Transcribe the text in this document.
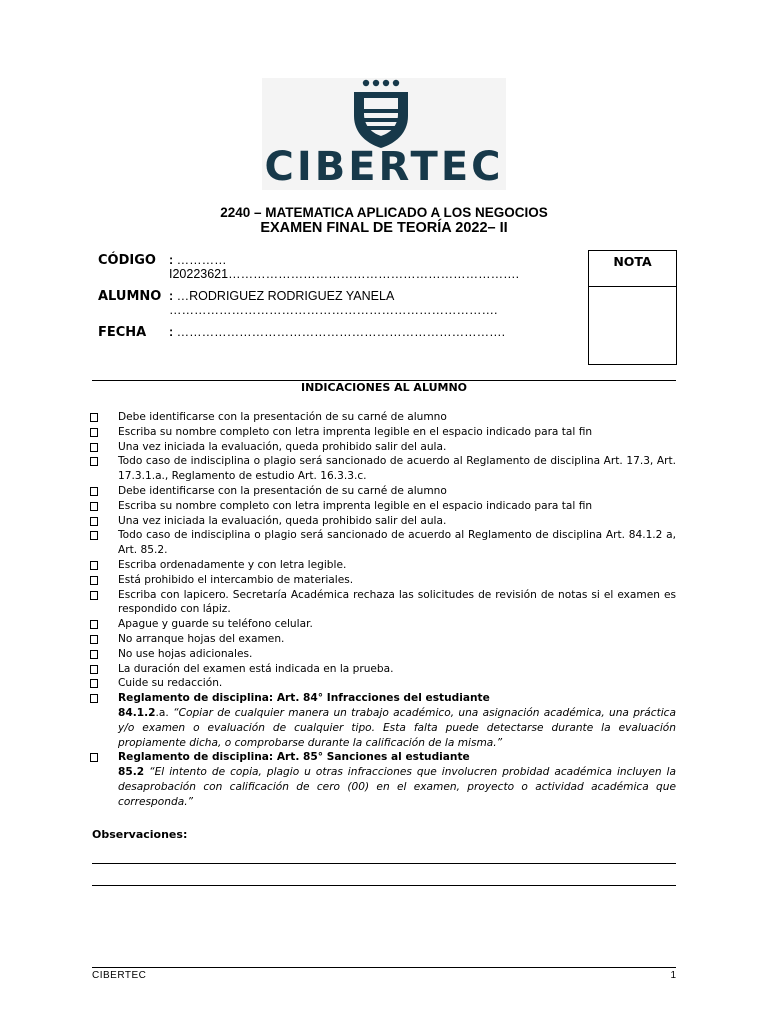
CIBERTEC
2240 – MATEMATICA APLICADO A LOS NEGOCIOS
EXAMEN FINAL DE TEORÍA 2022– II
CÓDIGO : …………
I20223621…………………………………………………………….
ALUMNO : …RODRIGUEZ RODRIGUEZ YANELA
…………………………………………………………………….
FECHA : …………………………………………………………………….
NOTA
INDICACIONES AL ALUMNO
Debe identificarse con la presentación de su carné de alumno
Escriba su nombre completo con letra imprenta legible en el espacio indicado para tal fin
Una vez iniciada la evaluación, queda prohibido salir del aula.
Todo caso de indisciplina o plagio será sancionado de acuerdo al Reglamento de disciplina Art. 17.3, Art. 17.3.1.a., Reglamento de estudio Art. 16.3.3.c.
Debe identificarse con la presentación de su carné de alumno
Escriba su nombre completo con letra imprenta legible en el espacio indicado para tal fin
Una vez iniciada la evaluación, queda prohibido salir del aula.
Todo caso de indisciplina o plagio será sancionado de acuerdo al Reglamento de disciplina Art. 84.1.2 a, Art. 85.2.
Escriba ordenadamente y con letra legible.
Está prohibido el intercambio de materiales.
Escriba con lapicero. Secretaría Académica rechaza las solicitudes de revisión de notas si el examen es respondido con lápiz.
Apague y guarde su teléfono celular.
No arranque hojas del examen.
No use hojas adicionales.
La duración del examen está indicada en la prueba.
Cuide su redacción.
Reglamento de disciplina: Art. 84° Infracciones del estudiante
84.1.2.a. “Copiar de cualquier manera un trabajo académico, una asignación académica, una práctica y/o examen o evaluación de cualquier tipo. Esta falta puede detectarse durante la evaluación propiamente dicha, o comprobarse durante la calificación de la misma.”
Reglamento de disciplina: Art. 85° Sanciones al estudiante
85.2 “El intento de copia, plagio u otras infracciones que involucren probidad académica incluyen la desaprobación con calificación de cero (00) en el examen, proyecto o actividad académica que corresponda.”
Observaciones:
CIBERTEC	1
